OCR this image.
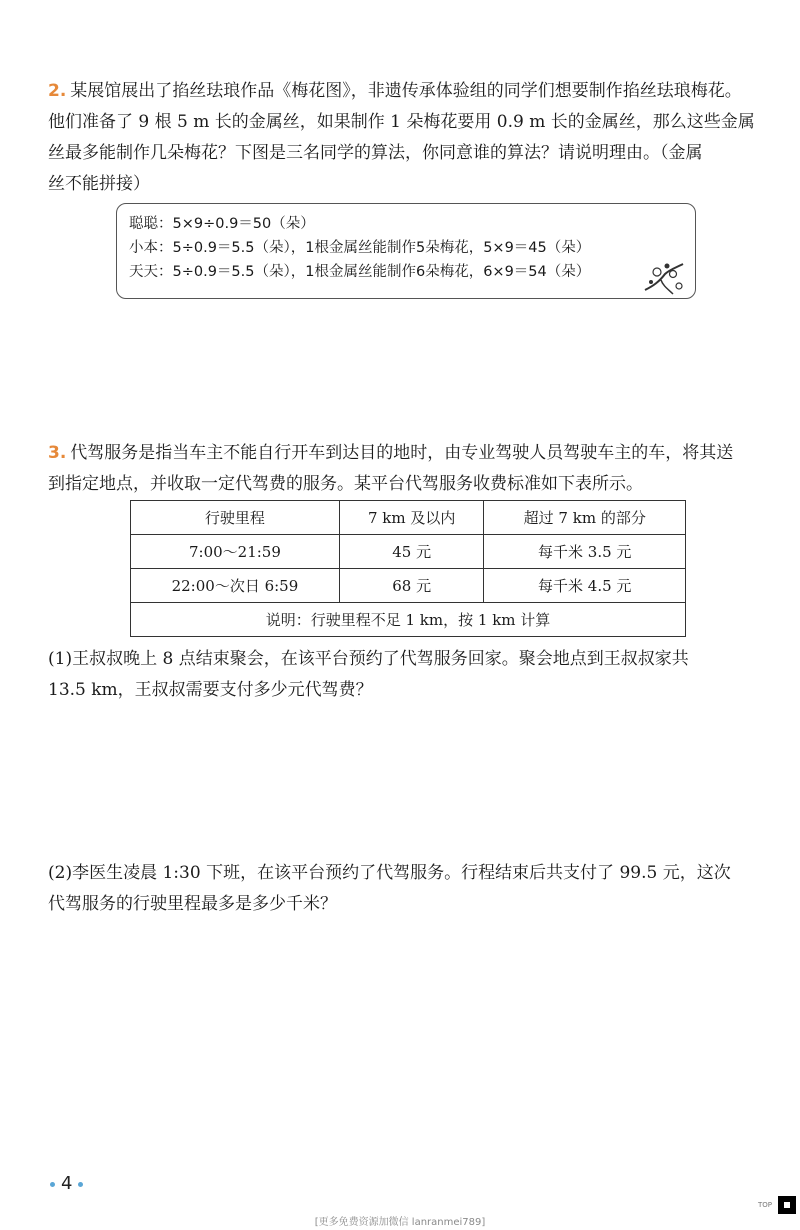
2. 某展馆展出了掐丝珐琅作品《梅花图》，非遗传承体验组的同学们想要制作掐丝珐琅梅花。
他们准备了 9 根 5 m 长的金属丝，如果制作 1 朵梅花要用 0.9 m 长的金属丝，那么这些金属
丝最多能制作几朵梅花？下图是三名同学的算法，你同意谁的算法？请说明理由。（金属
丝不能拼接）
聪聪：5×9÷0.9＝50（朵）
小本：5÷0.9＝5.5̇（朵），1根金属丝能制作5朵梅花，5×9＝45（朵）
天天：5÷0.9＝5.5̇（朵），1根金属丝能制作6朵梅花，6×9＝54（朵）
3. 代驾服务是指当车主不能自行开车到达目的地时，由专业驾驶人员驾驶车主的车，将其送
到指定地点，并收取一定代驾费的服务。某平台代驾服务收费标准如下表所示。
行驶里程	7 km 及以内	超过 7 km 的部分
7:00～21:59	45 元	每千米 3.5 元
22:00～次日 6:59	68 元	每千米 4.5 元
说明：行驶里程不足 1 km，按 1 km 计算		
(1)王叔叔晚上 8 点结束聚会，在该平台预约了代驾服务回家。聚会地点到王叔叔家共
13.5 km，王叔叔需要支付多少元代驾费？
(2)李医生凌晨 1:30 下班，在该平台预约了代驾服务。行程结束后共支付了 99.5 元，这次
代驾服务的行驶里程最多是多少千米？
4
TOP
[更多免费资源加微信 lanranmei789]
